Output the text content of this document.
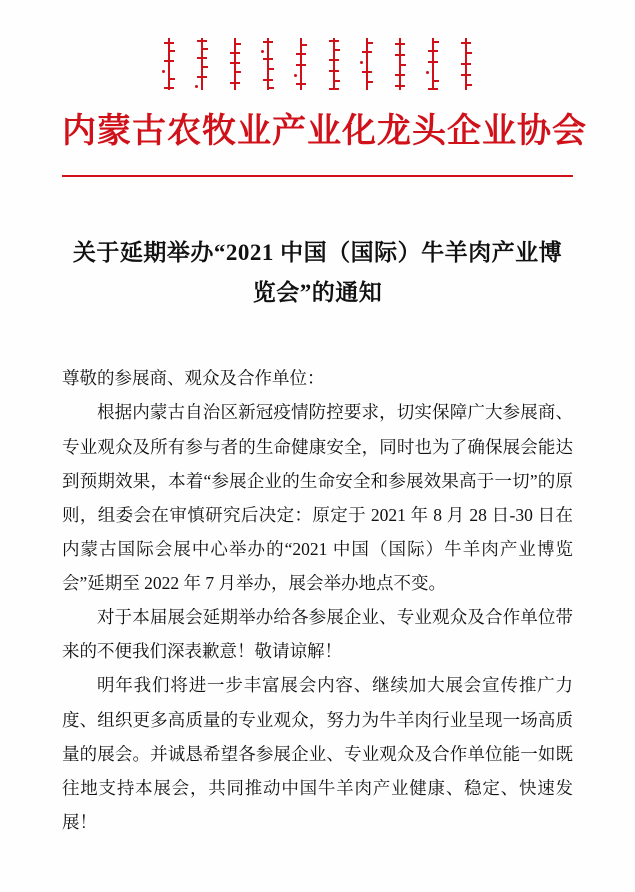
内蒙古农牧业产业化龙头企业协会
关于延期举办“2021 中国（国际）牛羊肉产业博览会”的通知
尊敬的参展商、观众及合作单位：

根据内蒙古自治区新冠疫情防控要求，切实保障广大参展商、专业观众及所有参与者的生命健康安全，同时也为了确保展会能达到预期效果，本着“参展企业的生命安全和参展效果高于一切”的原则，组委会在审慎研究后决定：原定于 2021 年 8 月 28 日-30 日在内蒙古国际会展中心举办的“2021 中国（国际）牛羊肉产业博览会”延期至 2022 年 7 月举办，展会举办地点不变。

对于本届展会延期举办给各参展企业、专业观众及合作单位带来的不便我们深表歉意！敬请谅解！

明年我们将进一步丰富展会内容、继续加大展会宣传推广力度、组织更多高质量的专业观众，努力为牛羊肉行业呈现一场高质量的展会。并诚恳希望各参展企业、专业观众及合作单位能一如既往地支持本展会，共同推动中国牛羊肉产业健康、稳定、快速发展！
